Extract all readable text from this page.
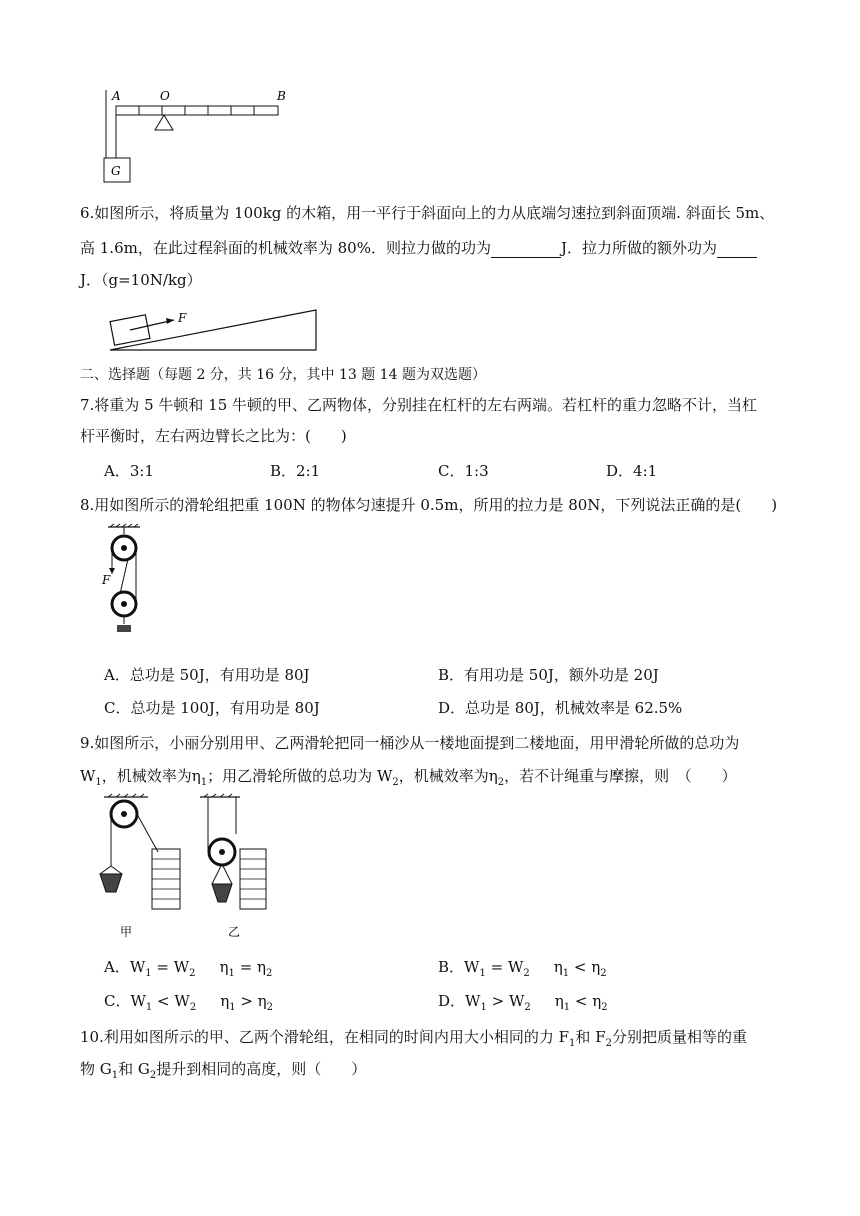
A	O	B
G
6.如图所示，将质量为 100kg 的木箱，用一平行于斜面向上的力从底端匀速拉到斜面顶端. 斜面长 5m、
高 1.6m，在此过程斜面的机械效率为 80%．则拉力做的功为	J．拉力所做的额外功为
J．（g=10N/kg）
F
二、选择题（每题 2 分，共 16 分，其中 13 题 14 题为双选题）
7.将重为 5 牛顿和 15 牛顿的甲、乙两物体，分别挂在杠杆的左右两端。若杠杆的重力忽略不计，当杠
杆平衡时，左右两边臂长之比为：(　　)
A．3:1	B．2:1	C．1:3	D．4:1
8.用如图所示的滑轮组把重 100N 的物体匀速提升 0.5m，所用的拉力是 80N，下列说法正确的是(　　)
F
A．总功是 50J，有用功是 80J	B．有用功是 50J，额外功是 20J
C．总功是 100J，有用功是 80J	D．总功是 80J，机械效率是 62.5%
9.如图所示，小丽分别用甲、乙两滑轮把同一桶沙从一楼地面提到二楼地面，用甲滑轮所做的总功为
$W_1$，机械效率为$\eta_1$；用乙滑轮所做的总功为 $W_2$，机械效率为$\eta_2$，若不计绳重与摩擦，则　（　　）
甲	乙
A．$W_1 = W_2$ $\eta_1 = \eta_2$	B．$W_1 = W_2$ $\eta_1 < \eta_2$
C．$W_1 < W_2$ $\eta_1 > \eta_2$	D．$W_1 > W_2$ $\eta_1 < \eta_2$
10.利用如图所示的甲、乙两个滑轮组，在相同的时间内用大小相同的力 $F_1$和 $F_2$分别把质量相等的重
物 $G_1$和 $G_2$提升到相同的高度，则（　　）
